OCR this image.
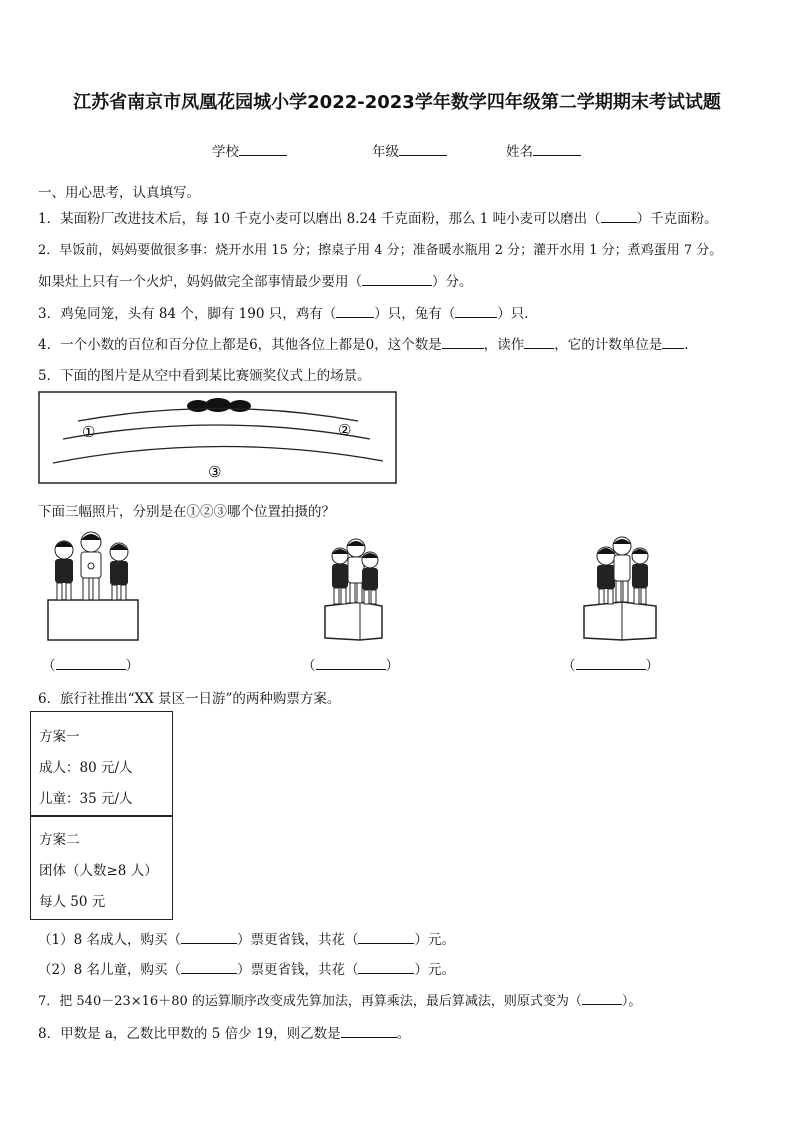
江苏省南京市凤凰花园城小学2022-2023学年数学四年级第二学期期末考试试题
学校	年级	姓名
一、用心思考，认真填写。
1．某面粉厂改进技术后，每 10 千克小麦可以磨出 8.24 千克面粉，那么 1 吨小麦可以磨出（	）千克面粉。
2．早饭前，妈妈要做很多事：烧开水用 15 分；擦桌子用 4 分；准备暖水瓶用 2 分；灌开水用 1 分；煮鸡蛋用 7 分。
如果灶上只有一个火炉，妈妈做完全部事情最少要用（	）分。
3．鸡兔同笼，头有 84 个，脚有 190 只，鸡有（	）只，兔有（	）只．
4．一个小数的百位和百分位上都是6，其他各位上都是0，这个数是	，读作 ，它的计数单位是 .
5．下面的图片是从空中看到某比赛颁奖仪式上的场景。
①	②
③
下面三幅照片，分别是在①②③哪个位置拍摄的？
（	）	（	）	（	）
6．旅行社推出“XX 景区一日游”的两种购票方案。
方案一
成人：80 元/人
儿童：35 元/人
方案二
团体（人数≥8 人）
每人 50 元
（1）8 名成人，购买（	）票更省钱，共花（	）元。
（2）8 名儿童，购买（	）票更省钱，共花（	）元。
7．把 540－23×16＋80 的运算顺序改变成先算加法，再算乘法，最后算减法，则原式变为（	）。
8．甲数是 a，乙数比甲数的 5 倍少 19，则乙数是	。
